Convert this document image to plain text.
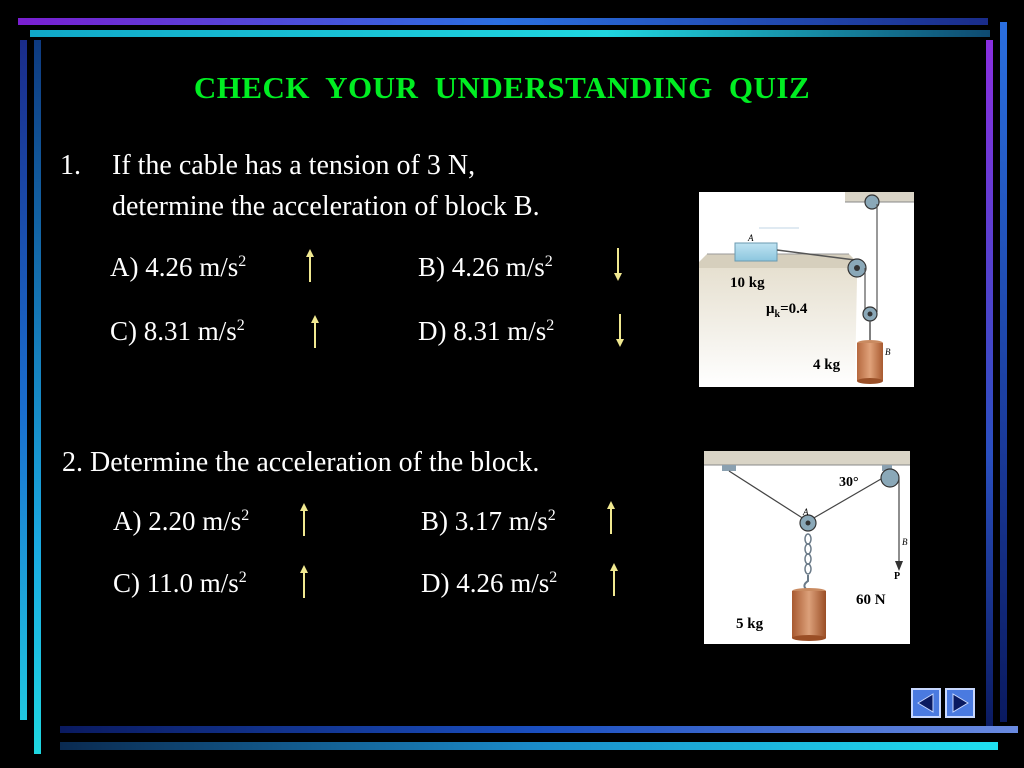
CHECK YOUR UNDERSTANDING QUIZ
1. If the cable has a tension of 3 N,
determine the acceleration of block B.
A) 4.26 $m/s^2$	B) 4.26 $m/s^2$
C) 8.31 $m/s^2$	D) 8.31 $m/s^2$
A
B
10 kg
$\mu_k=0.4$
4 kg
2. Determine the acceleration of the block.
A) 2.20 $m/s^2$	B) 3.17 $m/s^2$
C) 11.0 $m/s^2$	D) 4.26 $m/s^2$
30°
A
B
P
60 N
5 kg
